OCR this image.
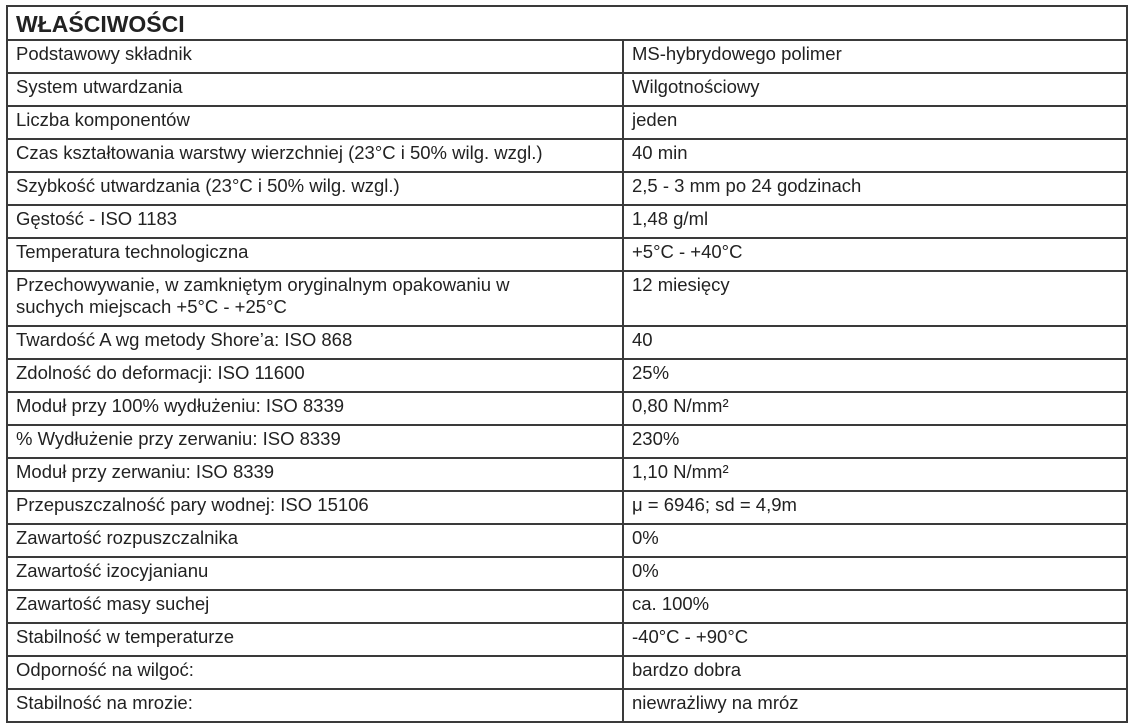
WŁAŚCIWOŚCI	
Podstawowy składnik	MS-hybrydowego polimer
System utwardzania	Wilgotnościowy
Liczba komponentów	jeden
Czas kształtowania warstwy wierzchniej (23°C i 50% wilg. wzgl.)	40 min
Szybkość utwardzania (23°C i 50% wilg. wzgl.)	2,5 - 3 mm po 24 godzinach
Gęstość - ISO 1183	1,48 g/ml
Temperatura technologiczna	+5°C - +40°C

Przechowywanie, w zamkniętym oryginalnym opakowaniu w
suchych miejscach +5°C - +25°C	12 miesięcy
Twardość A wg metody Shore’a: ISO 868	40
Zdolność do deformacji: ISO 11600	25%
Moduł przy 100% wydłużeniu: ISO 8339	0,80 N/mm²
% Wydłużenie przy zerwaniu: ISO 8339	230%
Moduł przy zerwaniu: ISO 8339	1,10 N/mm²
Przepuszczalność pary wodnej: ISO 15106	μ = 6946; sd = 4,9m
Zawartość rozpuszczalnika	0%
Zawartość izocyjanianu	0%
Zawartość masy suchej	ca. 100%
Stabilność w temperaturze	-40°C - +90°C
Odporność na wilgoć:	bardzo dobra
Stabilność na mrozie:	niewrażliwy na mróz
